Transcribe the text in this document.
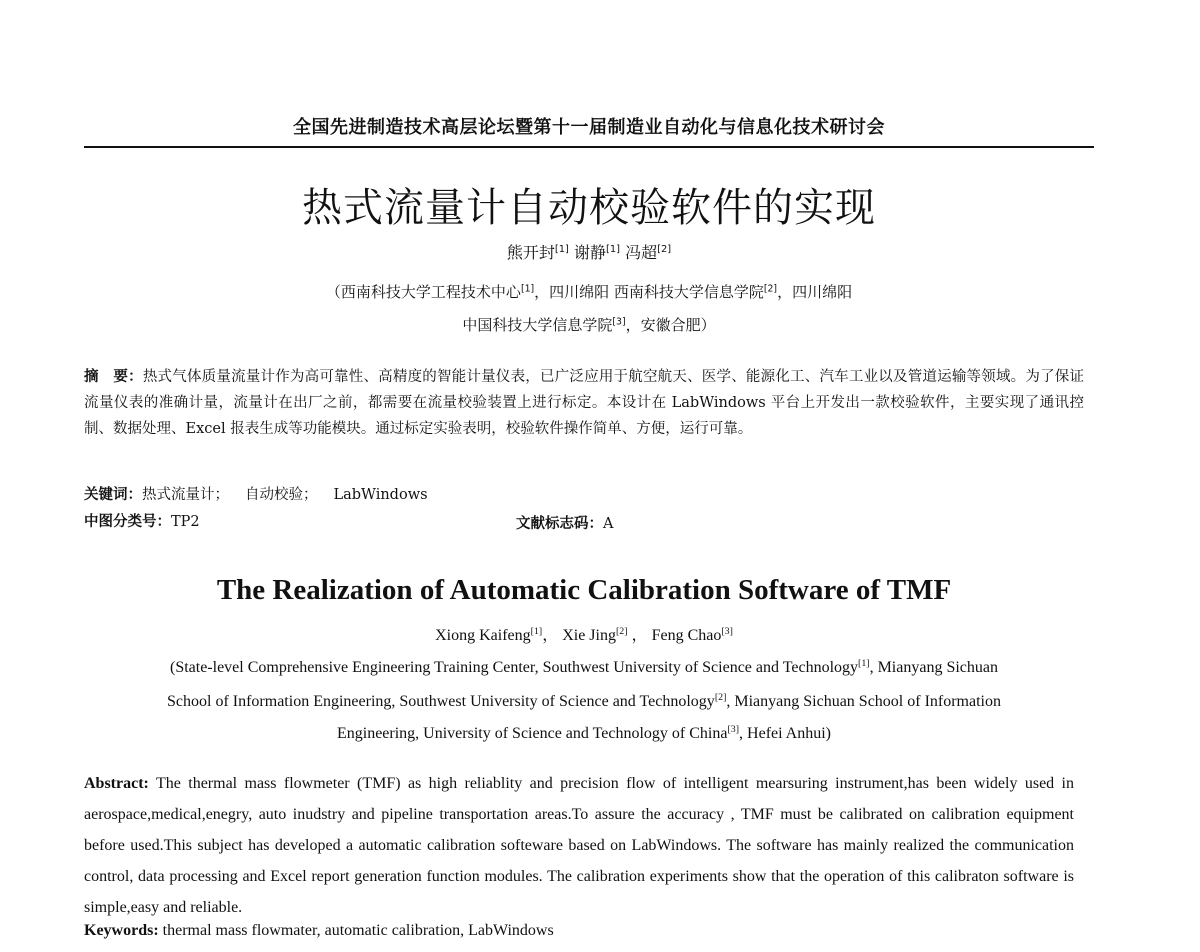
全国先进制造技术高层论坛暨第十一届制造业自动化与信息化技术研讨会
热式流量计自动校验软件的实现
熊开封[1] 谢静[1] 冯超[2]
（西南科技大学工程技术中心[1]，四川绵阳 西南科技大学信息学院[2]，四川绵阳
中国科技大学信息学院[3]，安徽合肥）
摘　要：热式气体质量流量计作为高可靠性、高精度的智能计量仪表，已广泛应用于航空航天、医学、能源化工、汽车工业以及管道运输等领域。为了保证流量仪表的准确计量，流量计在出厂之前，都需要在流量校验装置上进行标定。本设计在 LabWindows 平台上开发出一款校验软件，主要实现了通讯控制、数据处理、Excel 报表生成等功能模块。通过标定实验表明，校验软件操作简单、方便，运行可靠。
关键词：热式流量计； 自动校验； LabWindows
中图分类号：TP2	文献标志码：A
The Realization of Automatic Calibration Software of TMF
Xiong Kaifeng[1]， Xie Jing[2] ， Feng Chao[3]
(State-level Comprehensive Engineering Training Center, Southwest University of Science and Technology[1], Mianyang Sichuan
School of Information Engineering, Southwest University of Science and Technology[2], Mianyang Sichuan School of Information
Engineering, University of Science and Technology of China[3], Hefei Anhui)
Abstract: The thermal mass flowmeter (TMF) as high reliablity and precision flow of intelligent mearsuring instrument,has been widely used in aerospace,medical,enegry, auto inudstry and pipeline transportation areas.To assure the accuracy , TMF must be calibrated on calibration equipment before used.This subject has developed a automatic calibration softeware based on LabWindows. The software has mainly realized the communication control, data processing and Excel report generation function modules. The calibration experiments show that the operation of this calibraton software is simple,easy and reliable.
Keywords: thermal mass flowmater, automatic calibration, LabWindows
